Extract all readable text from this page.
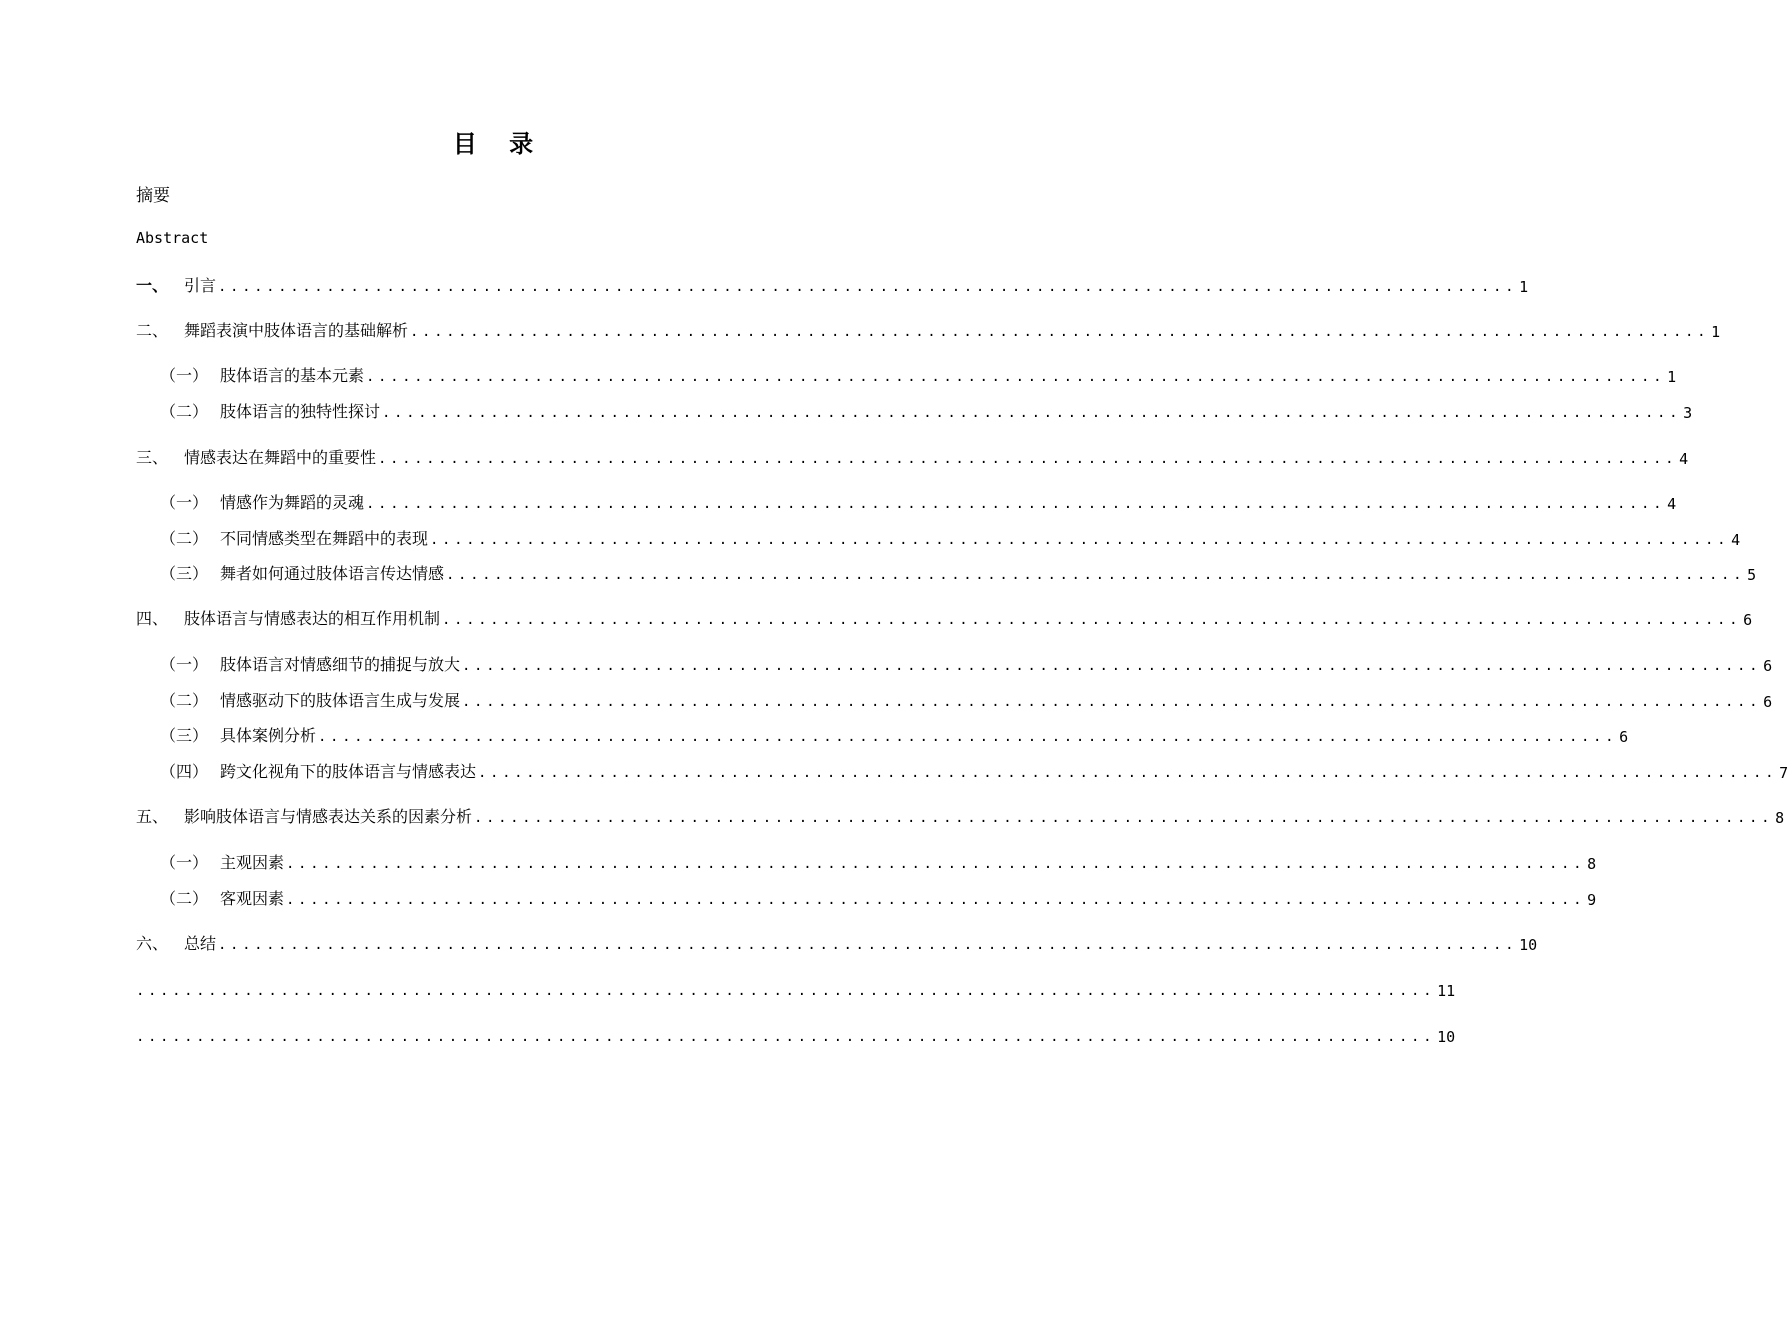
目 录
摘要
Abstract
一、 引言 ............................................................................................................ 1
二、 舞蹈表演中肢体语言的基础解析 ............................................................................................................ 1
（一） 肢体语言的基本元素 ............................................................................................................ 1
（二） 肢体语言的独特性探讨 ............................................................................................................ 3
三、 情感表达在舞蹈中的重要性 ............................................................................................................ 4
（一） 情感作为舞蹈的灵魂 ............................................................................................................ 4
（二） 不同情感类型在舞蹈中的表现 ............................................................................................................ 4
（三） 舞者如何通过肢体语言传达情感 ............................................................................................................ 5
四、 肢体语言与情感表达的相互作用机制 ............................................................................................................ 6
（一） 肢体语言对情感细节的捕捉与放大 ............................................................................................................ 6
（二） 情感驱动下的肢体语言生成与发展 ............................................................................................................ 6
（三） 具体案例分析 ............................................................................................................ 6
（四） 跨文化视角下的肢体语言与情感表达 ............................................................................................................ 7
五、 影响肢体语言与情感表达关系的因素分析 ............................................................................................................ 8
（一） 主观因素 ............................................................................................................ 8
（二） 客观因素 ............................................................................................................ 9
六、 总结 ............................................................................................................ 10
............................................................................................................ 11
............................................................................................................ 10
